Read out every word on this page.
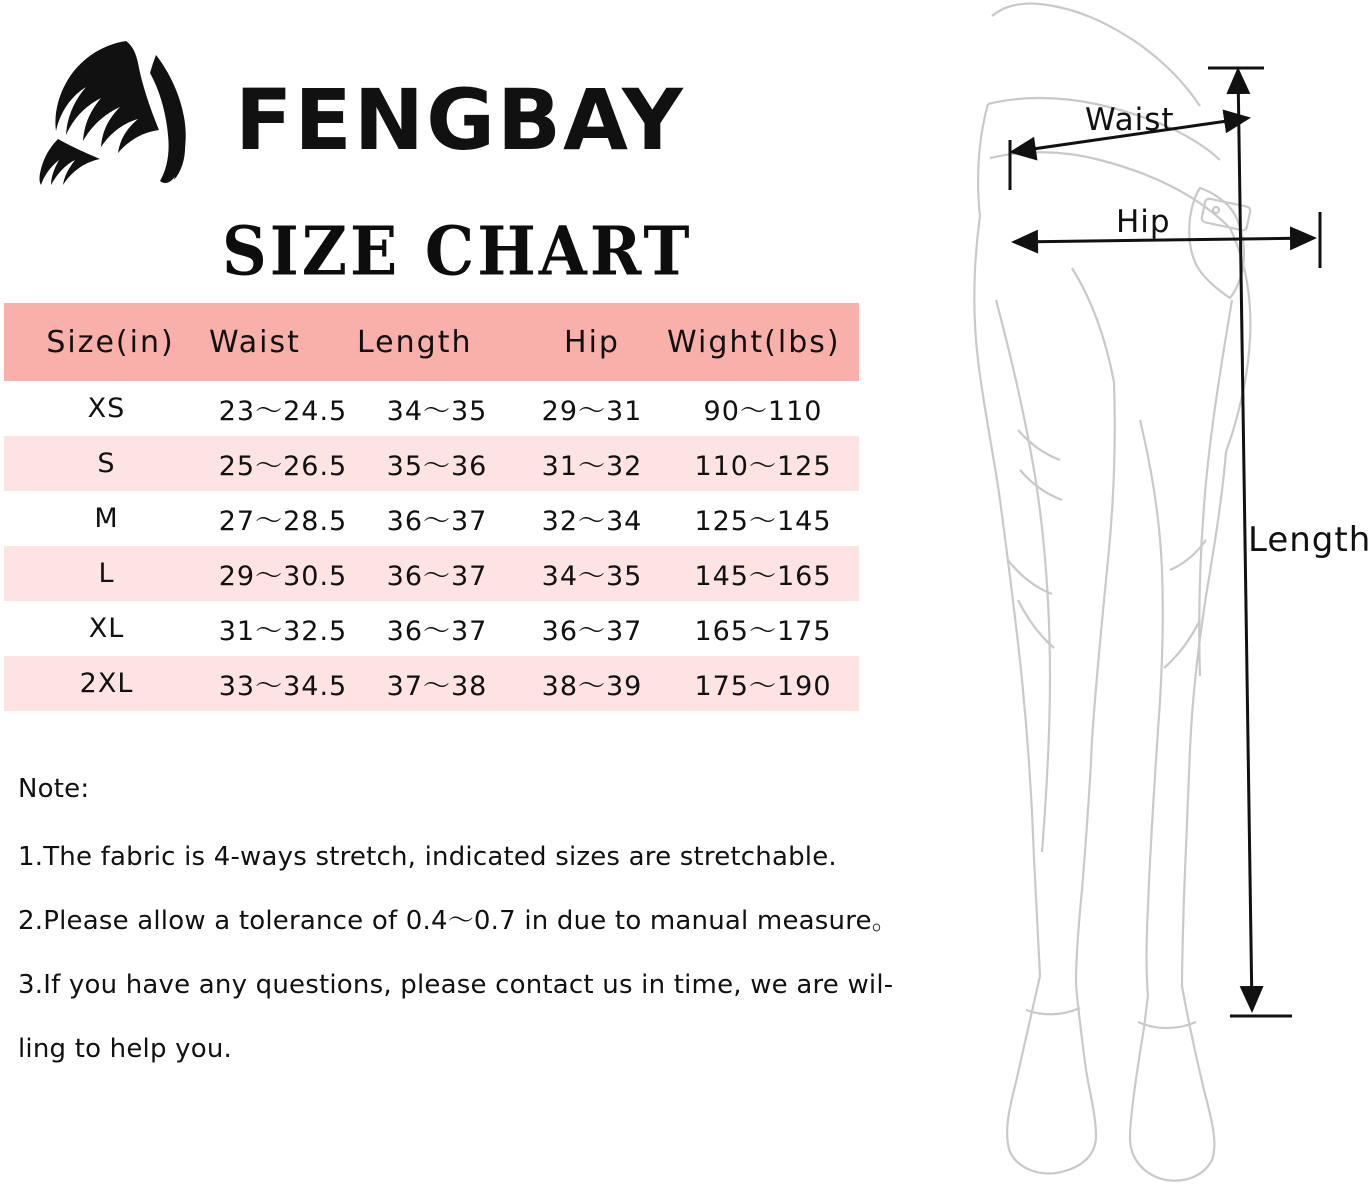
FENGBAY
SIZE CHART
Size(in)	Waist	Length	Hip	Wight(lbs)
XS	23～24.5	34～35	29～31	90～110
S	25～26.5	35～36	31～32	110～125
M	27～28.5	36～37	32～34	125～145
L	29～30.5	36～37	34～35	145～165
XL	31～32.5	36～37	36～37	165～175
2XL	33～34.5	37～38	38～39	175～190
Note:
1.The fabric is 4-ways stretch, indicated sizes are stretchable.
2.Please allow a tolerance of 0.4～0.7 in due to manual measure。
3.If you have any questions, please contact us in time, we are wil-
ling to help you.
Waist
Hip
Length
